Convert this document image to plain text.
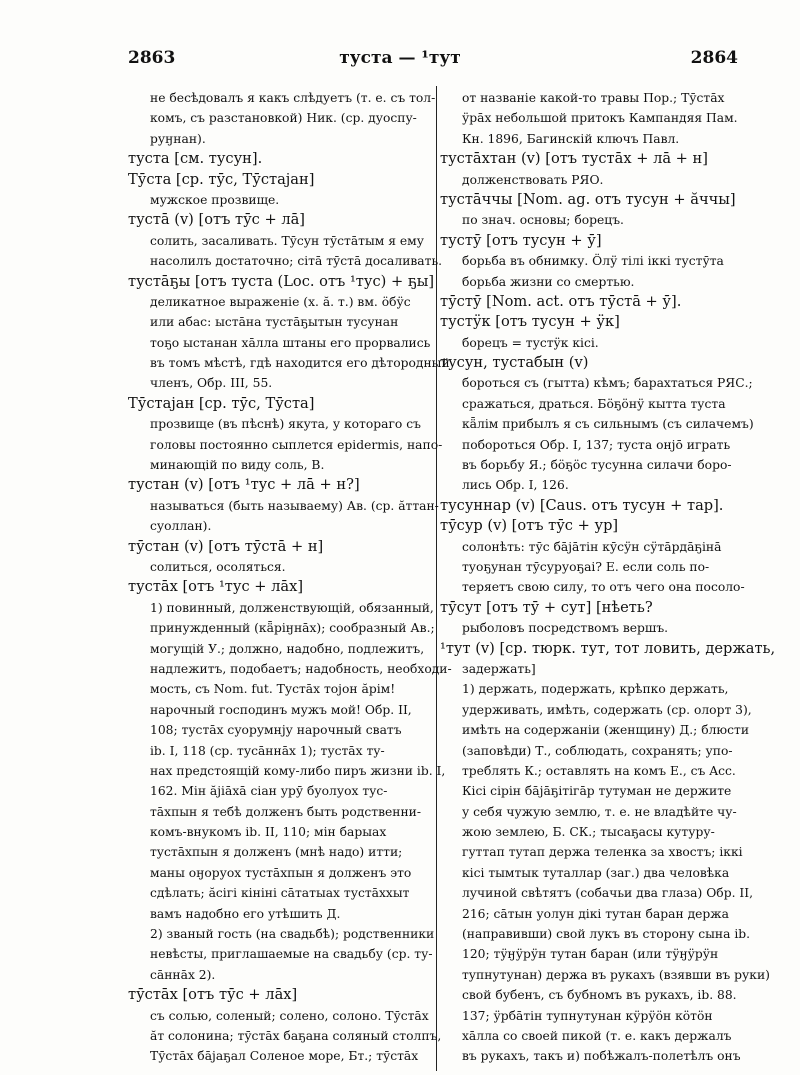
2863	туста — ¹тут	2864
не бесѣдовалъ я какъ слѣдуетъ (т. е. съ тол-
комъ, съ разстановкой) Ник. (ср. дуоспу-
руӈнан).
туста [см. тусун].
Тӯста [ср. тӯс, Тӯстаjан]
мужское прозвище.
тустā (v) [отъ тӯс + лā]
солить, засаливать. Тӯсун тӯстāтым я ему
насолилъ достаточно; сiтā тӯстā досаливать.
тустāҕы [отъ туста (Loc. отъ ¹тус) + ҕы]
деликатное выраженiе (х. ă. т.) вм. ӧбӱс
или абас: ыстāна тустāҕытын тусунан
тоҕо ыстанан хāлла штаны его прорвались
въ томъ мѣстѣ, гдѣ находится его дѣтородный
членъ, Обр. III, 55.
Тӯстаjан [ср. тӯс, Тӯста]
прозвище (въ пѣснѣ) якута, у котораго съ
головы постоянно сыплется epidermis, напо-
минающiй по виду соль, В.
тустан (v) [отъ ¹тус + лā + н?]
называться (быть называему) Ав. (ср. ăттан-
суоллан).
тӯстан (v) [отъ тӯстā + н]
солиться, осоляться.
тустāх [отъ ¹тус + лāх]
1) повинный, долженствующiй, обязанный,
принужденный (кǟрiӈнāх); сообразный Ав.;
могущiй У.; должно, надобно, подлежитъ,
надлежитъ, подобаетъ; надобность, необходи-
мость, съ Nom. fut. Тустāх тоjон ăрiм!
нарочный господинъ мужъ мой! Обр. II,
108; тустāх суорумнjу нарочный сватъ
ib. I, 118 (ср. тусāннāх 1); тустāх ту-
нах предстоящiй кому-либо пиръ жизни ib. I,
162. Мiн ăjiāxā сiан урӯ буолуох тус-
тāхпын я тебѣ долженъ быть родственни-
комъ-внукомъ ib. II, 110; мiн барыах
тустāхпын я долженъ (мнѣ надо) итти;
маны оӈоруох тустāхпын я долженъ это
сдѣлать; ăсiгi кiнiнi сāтатыах тустāххыт
вамъ надобно его утѣшить Д.
2) званый гость (на свадьбѣ); родственники
невѣсты, приглашаемые на свадьбу (ср. ту-
сāннāх 2).
тӯстāх [отъ тӯс + лāх]
съ солью, соленый; солено, солоно. Тӯстāх
ăт солонина; тӯстāх баҕана соляный столпъ,
Тӯстāх бājаҕал Соленое море, Бт.; тӯстāх
от названiе какой-то травы Пор.; Тӯстāх
ӱрāх небольшой притокъ Кампандяя Пам.
Кн. 1896, Багинскiй ключъ Павл.
тустāхтан (v) [отъ тустāх + лā + н]
долженствовать РЯО.
тустāччы [Nom. ag. отъ тусун + ăччы]
по знач. основы; борецъ.
тустӯ [отъ тусун + ӯ]
борьба въ обнимку. Ӧлӱ тiлi iккi тустӯта
борьба жизни со смертью.
тӯстӯ [Nom. act. отъ тӯстā + ӯ].
тустӱк [отъ тусун + ӱк]
борецъ = тустӱк кiсi.
тусун, тустабын (v)
бороться съ (гытта) кѣмъ; барахтаться РЯС.;
сражаться, драться. Бӧҕӧнӱ кытта туста
кǟлiм прибылъ я съ сильнымъ (съ силачемъ)
побороться Обр. I, 137; туста онjō играть
въ борьбу Я.; бӧҕӧс тусунна силачи боро-
лись Обр. I, 126.
тусуннар (v) [Caus. отъ тусун + тар].
тӯсур (v) [отъ тӯс + ур]
солонѣть: тӯс бājāтiн кӯсӱн сӱтāрдāҕiнā
туоҕунан тӯсуруоҕаi? Е. если соль по-
теряетъ свою силу, то отъ чего она посоло-
тӯсут [отъ тӯ + сут] [нѣеть?
рыболовъ посредствомъ вершъ.
¹тут (v) [ср. тюрк. тут, тот ловить, держать,
задержать]
1) держать, подержать, крѣпко держать,
удерживать, имѣть, содержать (ср. олорт 3),
имѣть на содержанiи (женщину) Д.; блюсти
(заповѣди) Т., соблюдать, сохранять; упо-
треблять К.; оставлять на комъ Е., съ Acc.
Кiсi сiрiн бājāҕiтiгāр тутуман не держите
у себя чужую землю, т. е. не владѣйте чу-
жою землею, Б. СК.; тысаҕасы кутуру-
гуттап тутап держа теленка за хвостъ; iккi
кiсi тымтык туталлар (заг.) два человѣка
лучиной свѣтятъ (собачьи два глаза) Обр. II,
216; сāтын уолун дiкi тутан баран держа
(направивши) свой лукъ въ сторону сына ib.
120; тӱӈӱрӱн тутан баран (или тӱӈӱрӱн
тупнутунан) держа въ рукахъ (взявши въ руки)
свой бубенъ, съ бубномъ въ рукахъ, ib. 88.
137; ӱрбāтiн тупнутунан кӱрӱӧн кӧтӧн
хāлла со своей пикой (т. е. какъ держалъ
въ рукахъ, такъ и) побѣжалъ-полетѣлъ онъ
